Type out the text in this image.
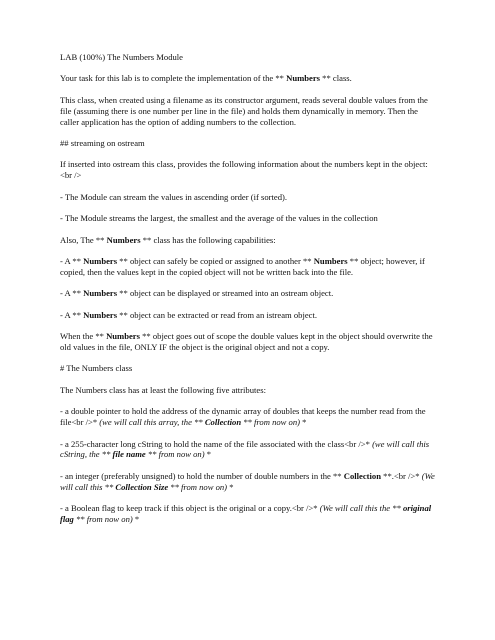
LAB (100%) The Numbers Module
Your task for this lab is to complete the implementation of the ** Numbers ** class.
This class, when created using a filename as its constructor argument, reads several double values from the file (assuming there is one number per line in the file) and holds them dynamically in memory. Then the caller application has the option of adding numbers to the collection.
## streaming on ostream
If inserted into ostream this class, provides the following information about the numbers kept in the object:<br />
- The Module can stream the values in ascending order (if sorted).
- The Module streams the largest, the smallest and the average of the values in the collection
Also, The ** Numbers ** class has the following capabilities:
- A ** Numbers ** object can safely be copied or assigned to another ** Numbers ** object; however, if copied, then the values kept in the copied object will not be written back into the file.
- A ** Numbers ** object can be displayed or streamed into an ostream object.
- A ** Numbers ** object can be extracted or read from an istream object.
When the ** Numbers ** object goes out of scope the double values kept in the object should overwrite the old values in the file, ONLY IF the object is the original object and not a copy.
# The Numbers class
The Numbers class has at least the following five attributes:
- a double pointer to hold the address of the dynamic array of doubles that keeps the number read from the file<br />* (we will call this array, the ** Collection ** from now on) *
- a 255-character long cString to hold the name of the file associated with the class<br />* (we will call this cString, the ** file name ** from now on) *
- an integer (preferably unsigned) to hold the number of double numbers in the ** Collection **.<br />* (We will call this ** Collection Size ** from now on) *
- a Boolean flag to keep track if this object is the original or a copy.<br />* (We will call this the ** original flag ** from now on) *
